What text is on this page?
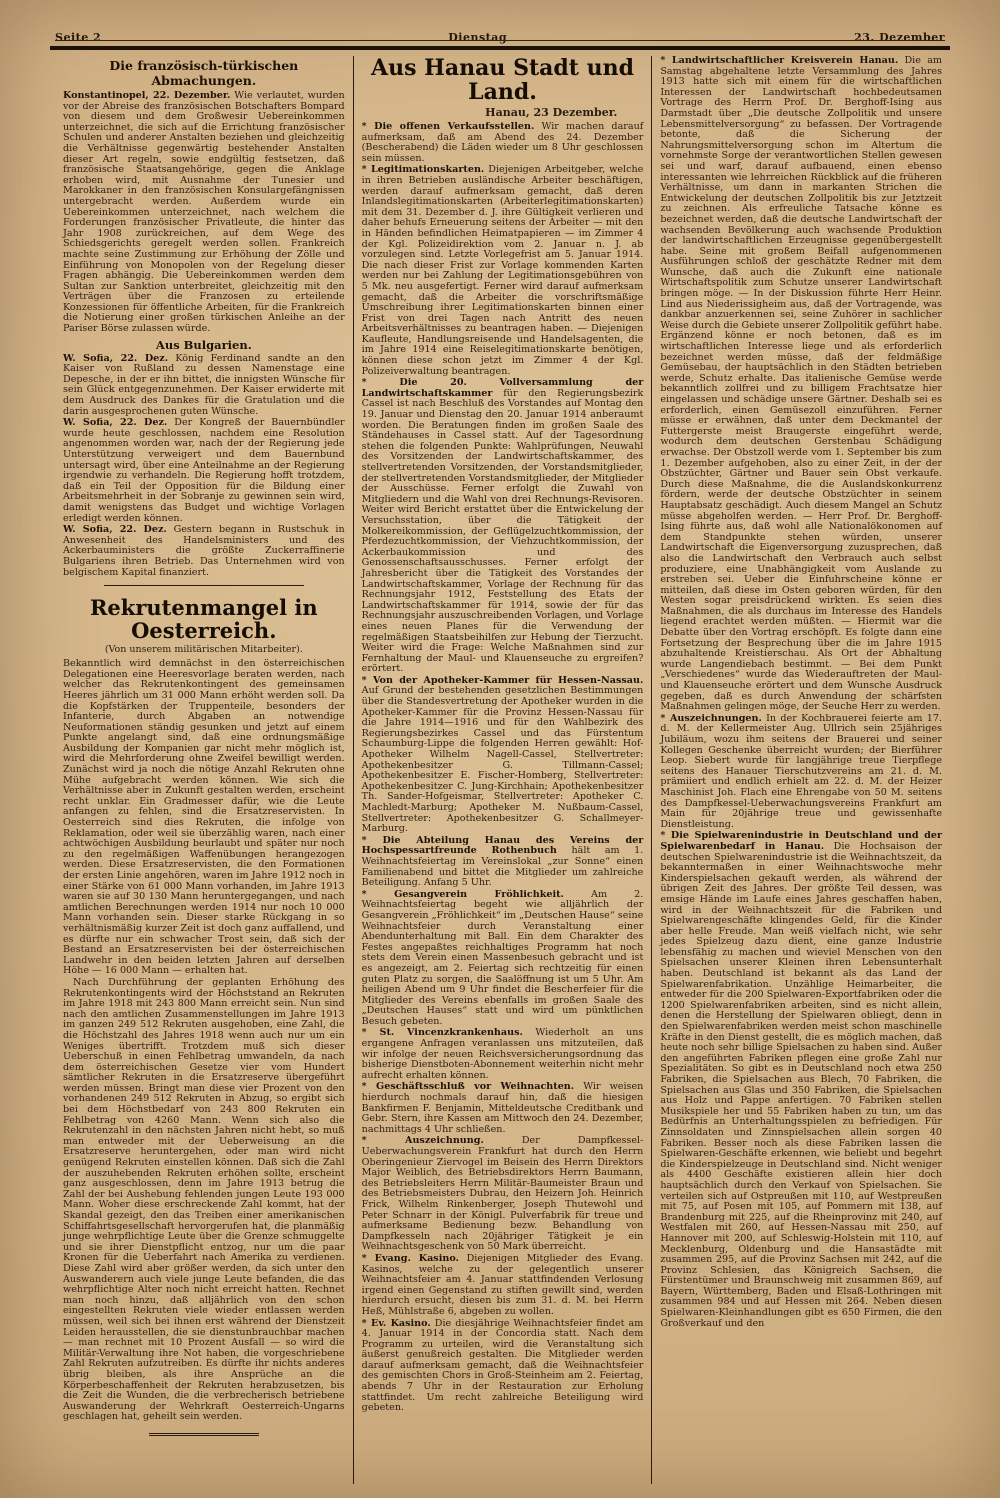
Seite 2	Dienstag	23. Dezember
Die französisch-türkischen Abmachungen.

Konstantinopel, 22. Dezember. Wie verlautet, wurden vor der Abreise des französischen Botschafters Bompard von diesem und dem Großwesir Uebereinkommen unterzeichnet, die sich auf die Errichtung französischer Schulen und anderer Anstalten beziehen und gleichzeitig die Verhältnisse gegenwärtig bestehender Anstalten dieser Art regeln, sowie endgültig festsetzen, daß französische Staatsangehörige, gegen die Anklage erhoben wird, mit Ausnahme der Tunesier und Marokkaner in den französischen Konsulargefängnissen untergebracht werden. Außerdem wurde ein Uebereinkommen unterzeichnet, nach welchem die Forderungen französischer Privatleute, die hinter das Jahr 1908 zurückreichen, auf dem Wege des Schiedsgerichts geregelt werden sollen. Frankreich machte seine Zustimmung zur Erhöhung der Zölle und Einführung von Monopolen von der Regelung dieser Fragen abhängig. Die Uebereinkommen werden dem Sultan zur Sanktion unterbreitet, gleichzeitig mit den Verträgen über die Franzosen zu erteilende Konzessionen für öffentliche Arbeiten, für die Frankreich die Notierung einer großen türkischen Anleihe an der Pariser Börse zulassen würde.

Aus Bulgarien.

W. Sofia, 22. Dez. König Ferdinand sandte an den Kaiser von Rußland zu dessen Namenstage eine Depesche, in der er ihn bittet, die innigsten Wünsche für sein Glück entgegenzunehmen. Der Kaiser erwiderte mit dem Ausdruck des Dankes für die Gratulation und die darin ausgesprochenen guten Wünsche.

W. Sofia, 22. Dez. Der Kongreß der Bauernbündler wurde heute geschlossen, nachdem eine Resolution angenommen worden war, nach der der Regierung jede Unterstützung verweigert und dem Bauernbund untersagt wird, über eine Anteilnahme an der Regierung irgendwie zu verhandeln. Die Regierung hofft trotzdem, daß ein Teil der Opposition für die Bildung einer Arbeitsmehrheit in der Sobranje zu gewinnen sein wird, damit wenigstens das Budget und wichtige Vorlagen erledigt werden können.

W. Sofia, 22. Dez. Gestern begann in Rustschuk in Anwesenheit des Handelsministers und des Ackerbauministers die größte Zuckerraffinerie Bulgariens ihren Betrieb. Das Unternehmen wird von belgischem Kapital finanziert.

Rekrutenmangel in Oesterreich.
(Von unserem militärischen Mitarbeiter).

Bekanntlich wird demnächst in den österreichischen Delegationen eine Heeresvorlage beraten werden, nach welcher das Rekrutenkontingent des gemeinsamen Heeres jährlich um 31 000 Mann erhöht werden soll. Da die Kopfstärken der Truppenteile, besonders der Infanterie, durch Abgaben an notwendige Neuformationen ständig gesunken und jetzt auf einem Punkte angelangt sind, daß eine ordnungsmäßige Ausbildung der Kompanien gar nicht mehr möglich ist, wird die Mehrforderung ohne Zweifel bewilligt werden. Zunächst wird ja noch die nötige Anzahl Rekruten ohne Mühe aufgebracht werden können. Wie sich die Verhältnisse aber in Zukunft gestalten werden, erscheint recht unklar. Ein Gradmesser dafür, wie die Leute anfangen zu fehlen, sind die Ersatzreservisten. In Oesterreich sind dies Rekruten, die infolge von Reklamation, oder weil sie überzählig waren, nach einer achtwöchigen Ausbildung beurlaubt und später nur noch zu den regelmäßigen Waffenübungen herangezogen werden. Diese Ersatzreservisten, die den Formationen der ersten Linie angehören, waren im Jahre 1912 noch in einer Stärke von 61 000 Mann vorhanden, im Jahre 1913 waren sie auf 30 130 Mann heruntergegangen, und nach amtlichen Berechnungen werden 1914 nur noch 10 000 Mann vorhanden sein. Dieser starke Rückgang in so verhältnismäßig kurzer Zeit ist doch ganz auffallend, und es dürfte nur ein schwacher Trost sein, daß sich der Bestand an Ersatzreservisten bei der österreichischen Landwehr in den beiden letzten Jahren auf derselben Höhe — 16 000 Mann — erhalten hat.

Nach Durchführung der geplanten Erhöhung des Rekrutenkontingents wird der Höchststand an Rekruten im Jahre 1918 mit 243 800 Mann erreicht sein. Nun sind nach den amtlichen Zusammenstellungen im Jahre 1913 im ganzen 249 512 Rekruten ausgehoben, eine Zahl, die die Höchstzahl des Jahres 1918 wenn auch nur um ein Weniges übertrifft. Trotzdem muß sich dieser Ueberschuß in einen Fehlbetrag umwandeln, da nach dem österreichischen Gesetze vier vom Hundert sämtlicher Rekruten in die Ersatzreserve übergeführt werden müssen. Bringt man diese vier Prozent von den vorhandenen 249 512 Rekruten in Abzug, so ergibt sich bei dem Höchstbedarf von 243 800 Rekruten ein Fehlbetrag von 4260 Mann. Wenn sich also die Rekrutenzahl in den nächsten Jahren nicht hebt, so muß man entweder mit der Ueberweisung an die Ersatzreserve heruntergehen, oder man wird nicht genügend Rekruten einstellen können. Daß sich die Zahl der auszuhebenden Rekruten erhöhen sollte, erscheint ganz ausgeschlossen, denn im Jahre 1913 betrug die Zahl der bei Aushebung fehlenden jungen Leute 193 000 Mann. Woher diese erschreckende Zahl kommt, hat der Skandal gezeigt, den das Treiben einer amerikanischen Schiffahrtsgesellschaft hervorgerufen hat, die planmäßig junge wehrpflichtige Leute über die Grenze schmuggelte und sie ihrer Dienstpflicht entzog, nur um die paar Kronen für die Ueberfahrt nach Amerika zu verdienen. Diese Zahl wird aber größer werden, da sich unter den Auswanderern auch viele junge Leute befanden, die das wehrpflichtige Alter noch nicht erreicht hatten. Rechnet man noch hinzu, daß alljährlich von den schon eingestellten Rekruten viele wieder entlassen werden müssen, weil sich bei ihnen erst während der Dienstzeit Leiden herausstellen, die sie dienstunbrauchbar machen — man rechnet mit 10 Prozent Ausfall — so wird die Militär-Verwaltung ihre Not haben, die vorgeschriebene Zahl Rekruten aufzutreiben. Es dürfte ihr nichts anderes übrig bleiben, als ihre Ansprüche an die Körperbeschaffenheit der Rekruten herabzusetzen, bis die Zeit die Wunden, die die verbrecherisch betriebene Auswanderung der Wehrkraft Oesterreich-Ungarns geschlagen hat, geheilt sein werden.

Aus Hanau Stadt und Land.
Hanau, 23 Dezember.

* Die offenen Verkaufsstellen. Wir machen darauf aufmerksam, daß am Abend des 24. Dezember (Bescherabend) die Läden wieder um 8 Uhr geschlossen sein müssen.

* Legitimationskarten. Diejenigen Arbeitgeber, welche in ihren Betrieben ausländische Arbeiter beschäftigen, werden darauf aufmerksam gemacht, daß deren Inlandslegitimationskarten (Arbeiterlegitimationskarten) mit dem 31. Dezember d. J. ihre Gültigkeit verlieren und daher behufs Erneuerung seitens der Arbeiter — mit den in Händen befindlichen Heimatpapieren — im Zimmer 4 der Kgl. Polizeidirektion vom 2. Januar n. J. ab vorzulegen sind. Letzte Vorlegefrist am 5. Januar 1914. Die nach dieser Frist zur Vorlage kommenden Karten werden nur bei Zahlung der Legitimationsgebühren von 5 Mk. neu ausgefertigt. Ferner wird darauf aufmerksam gemacht, daß die Arbeiter die vorschriftsmäßige Umschreibung ihrer Legitimationskarten binnen einer Frist von drei Tagen nach Antritt des neuen Arbeitsverhältnisses zu beantragen haben. — Diejenigen Kaufleute, Handlungsreisende und Handelsagenten, die im Jahre 1914 eine Reiselegitimationskarte benötigen, können diese schon jetzt im Zimmer 4 der Kgl. Polizeiverwaltung beantragen.

* Die 20. Vollversammlung der Landwirtschaftskammer für den Regierungsbezirk Cassel ist nach Beschluß des Vorstandes auf Montag den 19. Januar und Dienstag den 20. Januar 1914 anberaumt worden. Die Beratungen finden im großen Saale des Ständehauses in Cassel statt. Auf der Tagesordnung stehen die folgenden Punkte: Wahlprüfungen, Neuwahl des Vorsitzenden der Landwirtschaftskammer, des stellvertretenden Vorsitzenden, der Vorstandsmitglieder, der stellvertretenden Vorstandsmitglieder, der Mitglieder der Ausschüsse. Ferner erfolgt die Zuwahl von Mitgliedern und die Wahl von drei Rechnungs-Revisoren. Weiter wird Bericht erstattet über die Entwickelung der Versuchsstation, über die Tätigkeit der Molkereikommission, der Geflügelzuchtkommission, der Pferdezuchtkommission, der Viehzuchtkommission, der Ackerbaukommission und des Genossenschaftsausschusses. Ferner erfolgt der Jahresbericht über die Tätigkeit des Vorstandes der Landwirtschaftskammer, Vorlage der Rechnung für das Rechnungsjahr 1912, Feststellung des Etats der Landwirtschaftskammer für 1914, sowie der für das Rechnungsjahr auszuschreibenden Vorlagen, und Vorlage eines neuen Planes für die Verwendung der regelmäßigen Staatsbeihilfen zur Hebung der Tierzucht. Weiter wird die Frage: Welche Maßnahmen sind zur Fernhaltung der Maul- und Klauenseuche zu ergreifen? erörtert.

* Von der Apotheker-Kammer für Hessen-Nassau. Auf Grund der bestehenden gesetzlichen Bestimmungen über die Standesvertretung der Apotheker wurden in die Apotheker-Kammer für die Provinz Hessen-Nassau für die Jahre 1914—1916 und für den Wahlbezirk des Regierungsbezirkes Cassel und das Fürstentum Schaumburg-Lippe die folgenden Herren gewählt: Hof-Apotheker Wilhelm Nagell-Cassel, Stellvertreter: Apothekenbesitzer G. Tillmann-Cassel; Apothekenbesitzer E. Fischer-Homberg, Stellvertreter: Apothekenbesitzer C. Jung-Kirchhain; Apothekenbesitzer Th. Sander-Hofgeismar, Stellvertreter: Apotheker C. Machledt-Marburg; Apotheker M. Nußbaum-Cassel, Stellvertreter: Apothekenbesitzer G. Schallmeyer-Marburg.

* Die Abteilung Hanau des Vereins der Hochspessartfreunde Rothenbuch hält am 1. Weihnachtsfeiertag im Vereinslokal „zur Sonne“ einen Familienabend und bittet die Mitglieder um zahlreiche Beteiligung. Anfang 5 Uhr.

* Gesangverein Fröhlichkeit.	Am 2. Weihnachtsfeiertag begeht wie alljährlich der Gesangverein „Fröhlichkeit“ im „Deutschen Hause“ seine Weihnachtsfeier durch Veranstaltung einer Abendunterhaltung mit Ball. Ein dem Charakter des Festes angepaßtes reichhaltiges Programm hat noch stets dem Verein einen Massenbesuch gebracht und ist es angezeigt, am 2. Feiertag sich rechtzeitig für einen guten Platz zu sorgen, die Saalöffnung ist um 5 Uhr. Am heiligen Abend um 9 Uhr findet die Bescherfeier für die Mitglieder des Vereins ebenfalls im großen Saale des „Deutschen Hauses“ statt und wird um pünktlichen Besuch gebeten.

* St. Vincenzkrankenhaus. Wiederholt an uns ergangene Anfragen veranlassen uns mitzuteilen, daß wir infolge der neuen Reichsversicherungsordnung das bisherige Dienstboten-Abonnement weiterhin nicht mehr aufrecht erhalten können.

* Geschäftsschluß vor Weihnachten. Wir weisen hierdurch nochmals darauf hin, daß die hiesigen Bankfirmen F. Benjamin, Mitteldeutsche Creditbank und Gebr. Stern, ihre Kassen am Mittwoch den 24. Dezember, nachmittags 4 Uhr schließen.

* Auszeichnung.	Der Dampfkessel-Ueberwachungsverein Frankfurt hat durch den Herrn Oberingenieur Ziervogel im Beisein des Herrn Direktors Major Weiblich, des Betriebsdirektors Herrn Baumann, des Betriebsleiters Herrn Militär-Baumeister Braun und des Betriebsmeisters Dubrau, den Heizern Joh. Heinrich Frick, Wilhelm Rinkenberger, Joseph Thutewohl und Peter Schnarr in der Königl. Pulverfabrik für treue und aufmerksame Bedienung bezw. Behandlung von Dampfkesseln nach 20jähriger Tätigkeit je ein Weihnachtsgeschenk von 50 Mark überreicht.

* Evang. Kasino. Diejenigen Mitglieder des Evang. Kasinos, welche zu der gelegentlich unserer Weihnachtsfeier am 4. Januar stattfindenden Verlosung irgend einen Gegenstand zu stiften gewillt sind, werden hierdurch ersucht, diesen bis zum 31. d. M. bei Herrn Heß, Mühlstraße 6, abgeben zu wollen.

* Ev. Kasino. Die diesjährige Weihnachtsfeier findet am 4. Januar 1914 in der Concordia statt. Nach dem Programm zu urteilen, wird die Veranstaltung sich äußerst genußreich gestalten. Die Mitglieder werden darauf aufmerksam gemacht, daß die Weihnachtsfeier des gemischten Chors in Groß-Steinheim am 2. Feiertag, abends 7 Uhr in der Restauration zur Erholung stattfindet. Um recht zahlreiche Beteiligung wird gebeten.

* Landwirtschaftlicher Kreisverein Hanau. Die am Samstag abgehaltene letzte Versammlung des Jahres 1913 hatte sich mit einem für die wirtschaftlichen Interessen der Landwirtschaft hochbedeutsamen Vortrage des Herrn Prof. Dr. Berghoff-Ising aus Darmstadt über „Die deutsche Zollpolitik und unsere Lebensmittelversorgung“ zu befassen. Der Vortragende betonte, daß die Sicherung der Nahrungsmittelversorgung schon im Altertum die vornehmste Sorge der verantwortlichen Stellen gewesen sei und warf, darauf aufbauend, einen ebenso interessanten wie lehrreichen Rückblick auf die früheren Verhältnisse, um dann in markanten Strichen die Entwickelung der deutschen Zollpolitik bis zur Jetztzeit zu zeichnen. Als erfreuliche Tatsache könne es bezeichnet werden, daß die deutsche Landwirtschaft der wachsenden Bevölkerung auch wachsende Produktion der landwirtschaftlichen Erzeugnisse gegenübergestellt habe. Seine mit großem Beifall aufgenommenen Ausführungen schloß der geschätzte Redner mit dem Wunsche, daß auch die Zukunft eine nationale Wirtschaftspolitik zum Schutze unserer Landwirtschaft bringen möge. — In der Diskussion führte Herr Heinr. Lind aus Niederissigheim aus, daß der Vortragende, was dankbar anzuerkennen sei, seine Zuhörer in sachlicher Weise durch die Gebiete unserer Zollpolitik geführt habe. Ergänzend könne er noch betonen, daß es im wirtschaftlichen Interesse liege und als erforderlich bezeichnet werden müsse, daß der feldmäßige Gemüsebau, der hauptsächlich in den Städten betrieben werde, Schutz erhalte. Das italienische Gemüse werde bekanntlich zollfrei und zu billigem Frachtsatze hier eingelassen und schädige unsere Gärtner. Deshalb sei es erforderlich, einen Gemüsezoll einzuführen. Ferner müsse er erwähnen, daß unter dem Deckmantel der Futtergerste meist Braugerste eingeführt werde, wodurch dem deutschen Gerstenbau Schädigung erwachse. Der Obstzoll werde vom 1. September bis zum 1. Dezember aufgehoben, also zu einer Zeit, in der der Obstzüchter, Gärtner und Bauer sein Obst verkaufe. Durch diese Maßnahme, die die Auslandskonkurrenz fördern, werde der deutsche Obstzüchter in seinem Hauptabsatz geschädigt. Auch diesem Mangel an Schutz müsse abgeholfen werden. — Herr Prof. Dr. Berghoff-Ising führte aus, daß wohl alle Nationalökonomen auf dem Standpunkte stehen würden, unserer Landwirtschaft die Eigenversorgung zuzusprechen, daß also die Landwirtschaft den Verbrauch auch selbst produziere, eine Unabhängigkeit vom Auslande zu erstreben sei. Ueber die Einfuhrscheine könne er mitteilen, daß diese im Osten geboren würden, für den Westen sogar preisdrückend wirkten. Es seien dies Maßnahmen, die als durchaus im Interesse des Handels liegend erachtet werden müßten. — Hiermit war die Debatte über den Vortrag erschöpft. Es folgte dann eine Fortsetzung der Besprechung über die im Jahre 1915 abzuhaltende Kreistierschau. Als Ort der Abhaltung wurde Langendiebach bestimmt. — Bei dem Punkt „Verschiedenes“ wurde das Wiederauftreten der Maul- und Klauenseuche erörtert und dem Wunsche Ausdruck gegeben, daß es durch Anwendung der schärfsten Maßnahmen gelingen möge, der Seuche Herr zu werden.

* Auszeichnungen. In der Kochbrauerei feierte am 17. d. M. der Kellermeister Aug. Ullrich sein 25jähriges Jubiläum, wozu ihm seitens der Brauerei und seiner Kollegen Geschenke überreicht wurden; der Bierführer Leop. Siebert wurde für langjährige treue Tierpflege seitens des Hanauer Tierschutzvereins am 21. d. M. prämiiert und endlich erhielt am 22. d. M. der Heizer Maschinist Joh. Flach eine Ehrengabe von 50 M. seitens des Dampfkessel-Ueberwachungsvereins Frankfurt am Main für 20jährige treue und gewissenhafte Dienstleistung.

* Die Spielwarenindustrie in Deutschland und der Spielwarenbedarf in Hanau. Die Hochsaison der deutschen Spielwarenindustrie ist die Weihnachtszeit, da bekanntermaßen in einer Weihnachtswoche mehr Kinderspielsachen gekauft werden, als während der übrigen Zeit des Jahres. Der größte Teil dessen, was emsige Hände im Laufe eines Jahres geschaffen haben, wird in der Weihnachtszeit für die Fabriken und Spielwarengeschäfte klingendes Geld, für die Kinder aber helle Freude. Man weiß vielfach nicht, wie sehr jedes Spielzeug dazu dient, eine ganze Industrie lebensfähig zu machen und wieviel Menschen von den Spielsachen unserer Kleinen ihren Lebensunterhalt haben. Deutschland ist bekannt als das Land der Spielwarenfabrikation. Unzählige Heimarbeiter, die entweder für die 200 Spielwaren-Exportfabriken oder die 1200 Spielwarenfabriken arbeiten, sind es nicht allein, denen die Herstellung der Spielwaren obliegt, denn in den Spielwarenfabriken werden meist schon maschinelle Kräfte in den Dienst gestellt, die es möglich machen, daß heute noch sehr billige Spielsachen zu haben sind. Außer den angeführten Fabriken pflegen eine große Zahl nur Spezialitäten. So gibt es in Deutschland noch etwa 250 Fabriken, die Spielsachen aus Blech, 70 Fabriken, die Spielsachen aus Glas und 350 Fabriken, die Spielsachen aus Holz und Pappe anfertigen. 70 Fabriken stellen Musikspiele her und 55 Fabriken haben zu tun, um das Bedürfnis an Unterhaltungsspielen zu befriedigen. Für Zinnsoldaten und Zinnspielsachen allein sorgen 40 Fabriken. Besser noch als diese Fabriken lassen die Spielwaren-Geschäfte erkennen, wie beliebt und begehrt die Kinderspielzeuge in Deutschland sind. Nicht weniger als 4400 Geschäfte existieren allein hier doch hauptsächlich durch den Verkauf von Spielsachen. Sie verteilen sich auf Ostpreußen mit 110, auf Westpreußen mit 75, auf Posen mit 105, auf Pommern mit 138, auf Brandenburg mit 225, auf die Rheinprovinz mit 240, auf Westfalen mit 260, auf Hessen-Nassau mit 250, auf Hannover mit 200, auf Schleswig-Holstein mit 110, auf Mecklenburg, Oldenburg und die Hansastädte mit zusammen 295, auf die Provinz Sachsen mit 242, auf die Provinz Schlesien, das Königreich Sachsen, die Fürstentümer und Braunschweig mit zusammen 869, auf Bayern, Württemberg, Baden und Elsaß-Lothringen mit zusammen 984 und auf Hessen mit 264. Neben diesen Spielwaren-Kleinhandlungen gibt es 650 Firmen, die den Großverkauf und den
